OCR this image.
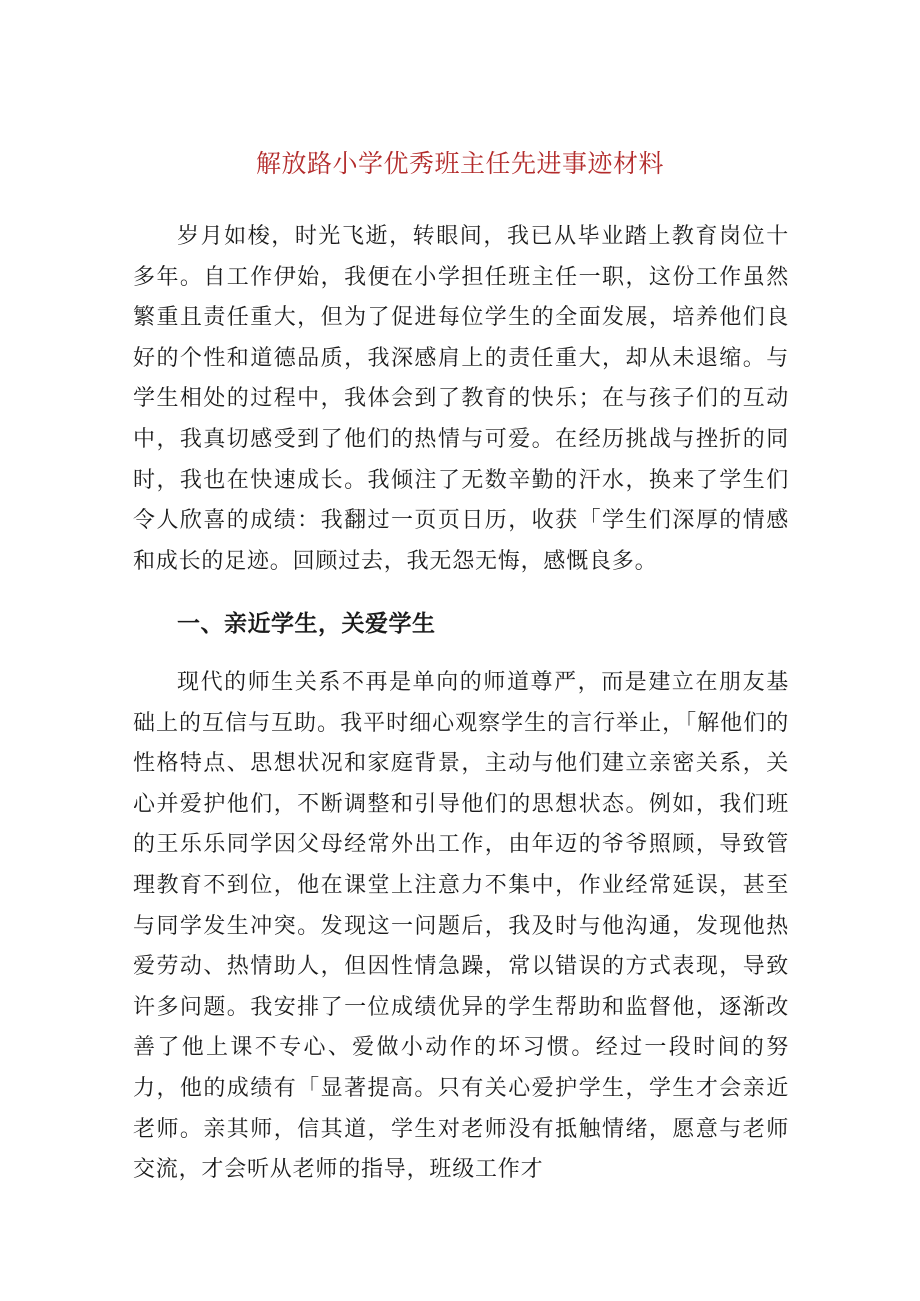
解放路小学优秀班主任先进事迹材料

岁月如梭，时光飞逝，转眼间，我已从毕业踏上教育岗位十多年。自工作伊始，我便在小学担任班主任一职，这份工作虽然繁重且责任重大，但为了促进每位学生的全面发展，培养他们良好的个性和道德品质，我深感肩上的责任重大，却从未退缩。与学生相处的过程中，我体会到了教育的快乐；在与孩子们的互动中，我真切感受到了他们的热情与可爱。在经历挑战与挫折的同时，我也在快速成长。我倾注了无数辛勤的汗水，换来了学生们令人欣喜的成绩：我翻过一页页日历，收获「学生们深厚的情感和成长的足迹。回顾过去，我无怨无悔，感慨良多。

一、亲近学生，关爱学生

现代的师生关系不再是单向的师道尊严，而是建立在朋友基础上的互信与互助。我平时细心观察学生的言行举止，「解他们的性格特点、思想状况和家庭背景，主动与他们建立亲密关系，关心并爱护他们，不断调整和引导他们的思想状态。例如，我们班的王乐乐同学因父母经常外出工作，由年迈的爷爷照顾，导致管理教育不到位，他在课堂上注意力不集中，作业经常延误，甚至与同学发生冲突。发现这一问题后，我及时与他沟通，发现他热爱劳动、热情助人，但因性情急躁，常以错误的方式表现，导致许多问题。我安排了一位成绩优异的学生帮助和监督他，逐渐改善了他上课不专心、爱做小动作的坏习惯。经过一段时间的努力，他的成绩有「显著提高。只有关心爱护学生，学生才会亲近老师。亲其师，信其道，学生对老师没有抵触情绪，愿意与老师交流，才会听从老师的指导，班级工作才
